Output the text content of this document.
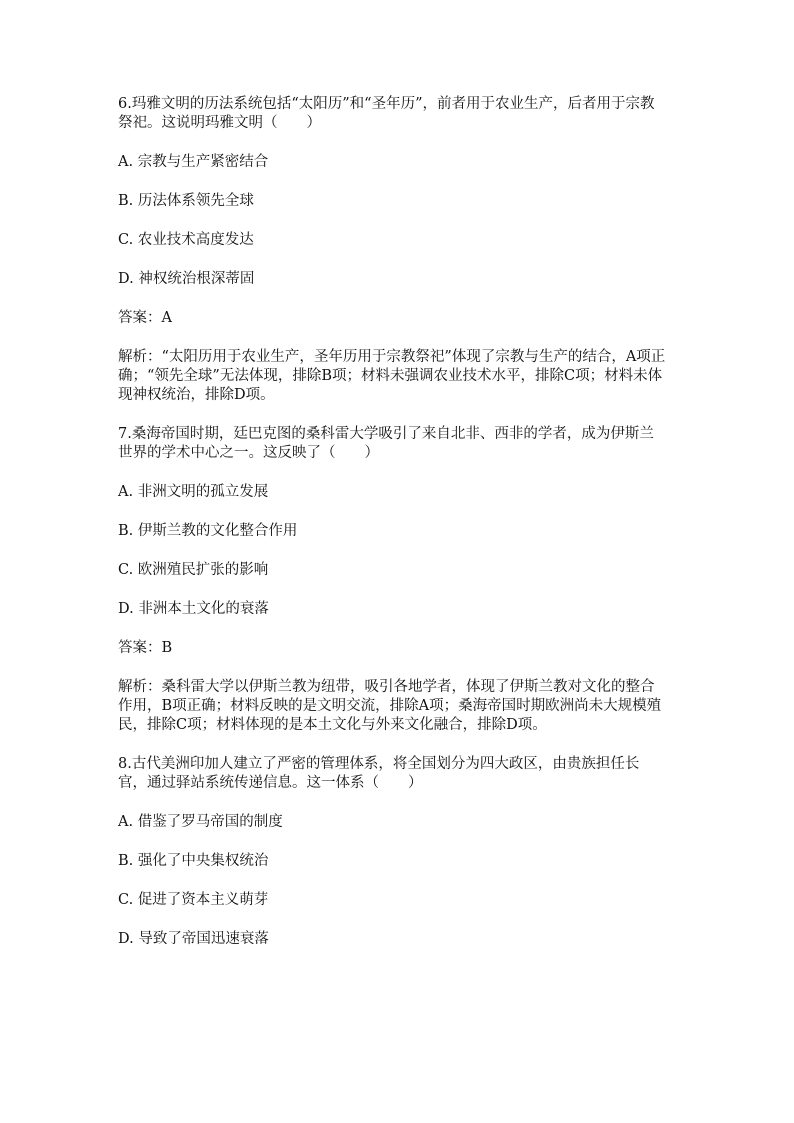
6.玛雅文明的历法系统包括“太阳历”和“圣年历”，前者用于农业生产，后者用于宗教祭祀。这说明玛雅文明（　　）

A. 宗教与生产紧密结合

B. 历法体系领先全球

C. 农业技术高度发达

D. 神权统治根深蒂固

答案：A

解析：“太阳历用于农业生产，圣年历用于宗教祭祀”体现了宗教与生产的结合，A项正确；“领先全球”无法体现，排除B项；材料未强调农业技术水平，排除C项；材料未体现神权统治，排除D项。

7.桑海帝国时期，廷巴克图的桑科雷大学吸引了来自北非、西非的学者，成为伊斯兰世界的学术中心之一。这反映了（　　）

A. 非洲文明的孤立发展

B. 伊斯兰教的文化整合作用

C. 欧洲殖民扩张的影响

D. 非洲本土文化的衰落

答案：B

解析：桑科雷大学以伊斯兰教为纽带，吸引各地学者，体现了伊斯兰教对文化的整合作用，B项正确；材料反映的是文明交流，排除A项；桑海帝国时期欧洲尚未大规模殖民，排除C项；材料体现的是本土文化与外来文化融合，排除D项。

8.古代美洲印加人建立了严密的管理体系，将全国划分为四大政区，由贵族担任长官，通过驿站系统传递信息。这一体系（　　）

A. 借鉴了罗马帝国的制度

B. 强化了中央集权统治

C. 促进了资本主义萌芽

D. 导致了帝国迅速衰落
